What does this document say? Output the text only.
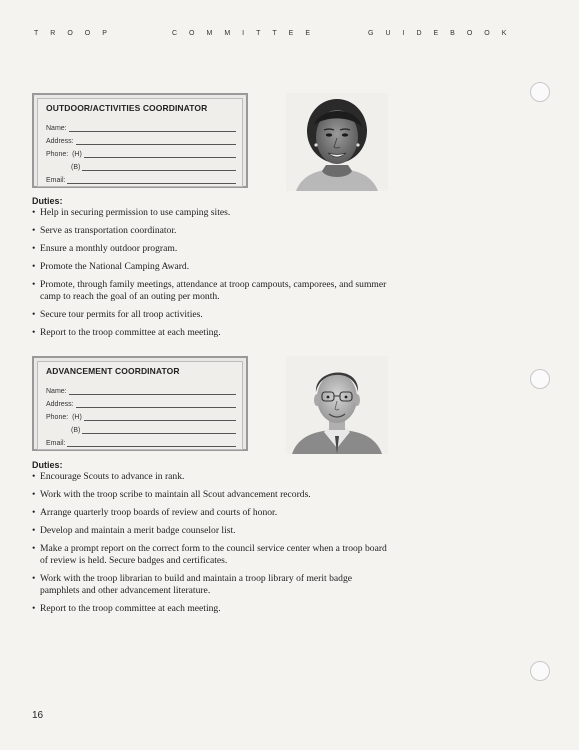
TROOP	COMMITTEE	GUIDEBOOK
OUTDOOR/ACTIVITIES COORDINATOR
Name:
Address:
Phone:
(H)
(B)
Email:
Duties:
• Help in securing permission to use camping sites.
• Serve as transportation coordinator.
• Ensure a monthly outdoor program.
• Promote the National Camping Award.
• Promote, through family meetings, attendance at troop campouts, camporees, and summer camp to reach the goal of an outing per month.
• Secure tour permits for all troop activities.
• Report to the troop committee at each meeting.
ADVANCEMENT COORDINATOR
Name:
Address:
Phone:
(H)
(B)
Email:
Duties:
• Encourage Scouts to advance in rank.
• Work with the troop scribe to maintain all Scout advancement records.
• Arrange quarterly troop boards of review and courts of honor.
• Develop and maintain a merit badge counselor list.
• Make a prompt report on the correct form to the council service center when a troop board of review is held. Secure badges and certificates.
• Work with the troop librarian to build and maintain a troop library of merit badge pamphlets and other advancement literature.
• Report to the troop committee at each meeting.
16
